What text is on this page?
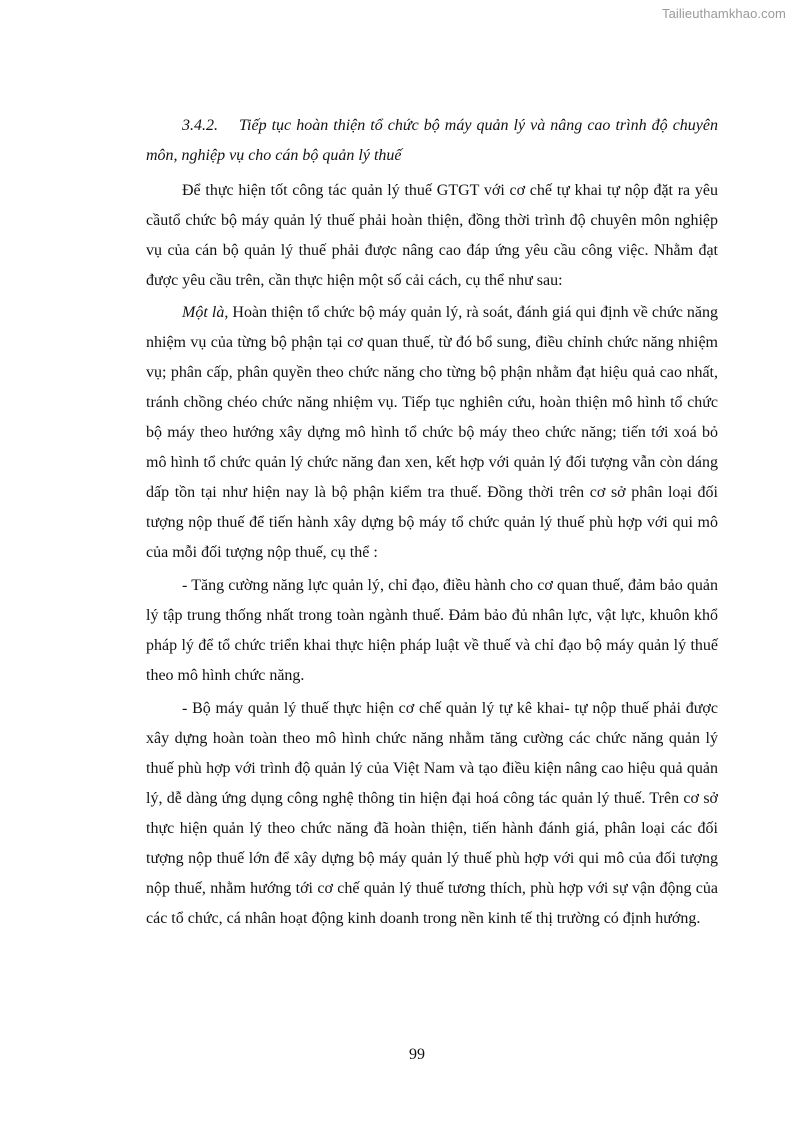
Tailieuthamkhao.com
3.4.2. Tiếp tục hoàn thiện tổ chức bộ máy quản lý và nâng cao trình độ chuyên môn, nghiệp vụ cho cán bộ quản lý thuế

Để thực hiện tốt công tác quản lý thuế GTGT với cơ chế tự khai tự nộp đặt ra yêu cầutổ chức bộ máy quản lý thuế phải hoàn thiện, đồng thời trình độ chuyên môn nghiệp vụ của cán bộ quản lý thuế phải được nâng cao đáp ứng yêu cầu công việc. Nhằm đạt được yêu cầu trên, cần thực hiện một số cải cách, cụ thể như sau:

Một là, Hoàn thiện tổ chức bộ máy quản lý, rà soát, đánh giá qui định về chức năng nhiệm vụ của từng bộ phận tại cơ quan thuế, từ đó bổ sung, điều chỉnh chức năng nhiệm vụ; phân cấp, phân quyền theo chức năng cho từng bộ phận nhằm đạt hiệu quả cao nhất, tránh chồng chéo chức năng nhiệm vụ. Tiếp tục nghiên cứu, hoàn thiện mô hình tổ chức bộ máy theo hướng xây dựng mô hình tổ chức bộ máy theo chức năng; tiến tới xoá bỏ mô hình tổ chức quản lý chức năng đan xen, kết hợp với quản lý đối tượng vẫn còn dáng dấp tồn tại như hiện nay là bộ phận kiểm tra thuế. Đồng thời trên cơ sở phân loại đối tượng nộp thuế để tiến hành xây dựng bộ máy tổ chức quản lý thuế phù hợp với qui mô của mỗi đối tượng nộp thuế, cụ thể :

- Tăng cường năng lực quản lý, chỉ đạo, điều hành cho cơ quan thuế, đảm bảo quản lý tập trung thống nhất trong toàn ngành thuế. Đảm bảo đủ nhân lực, vật lực, khuôn khổ pháp lý để tổ chức triển khai thực hiện pháp luật về thuế và chỉ đạo bộ máy quản lý thuế theo mô hình chức năng.

- Bộ máy quản lý thuế thực hiện cơ chế quản lý tự kê khai- tự nộp thuế phải được xây dựng hoàn toàn theo mô hình chức năng nhằm tăng cường các chức năng quản lý thuế phù hợp với trình độ quản lý của Việt Nam và tạo điều kiện nâng cao hiệu quả quản lý, dễ dàng ứng dụng công nghệ thông tin hiện đại hoá công tác quản lý thuế. Trên cơ sở thực hiện quản lý theo chức năng đã hoàn thiện, tiến hành đánh giá, phân loại các đối tượng nộp thuế lớn để xây dựng bộ máy quản lý thuế phù hợp với qui mô của đối tượng nộp thuế, nhằm hướng tới cơ chế quản lý thuế tương thích, phù hợp với sự vận động của các tổ chức, cá nhân hoạt động kinh doanh trong nền kinh tế thị trường có định hướng.

99
